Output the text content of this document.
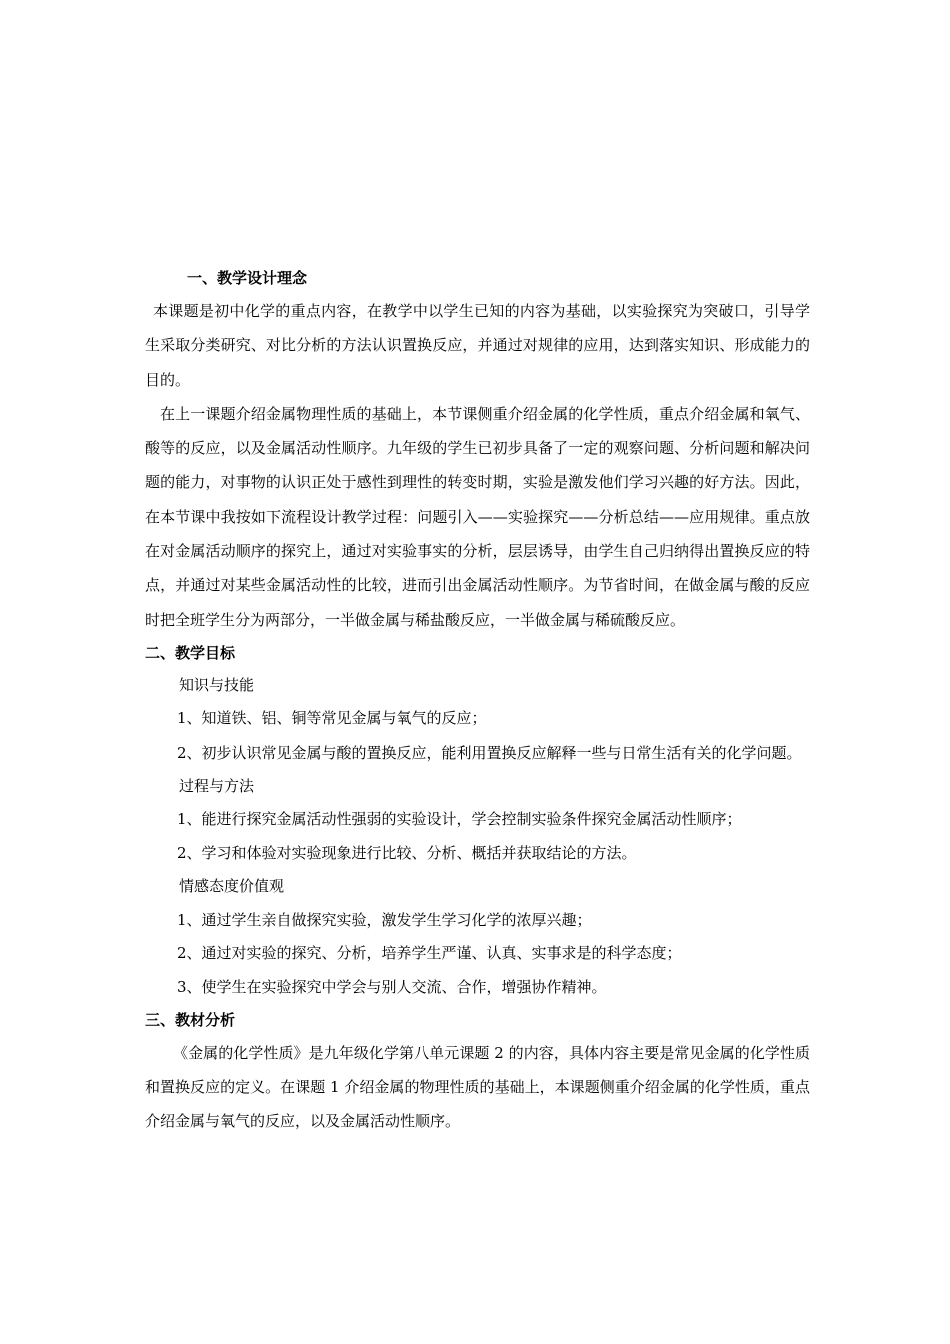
一、教学设计理念

本课题是初中化学的重点内容，在教学中以学生已知的内容为基础，以实验探究为突破口，引导学生采取分类研究、对比分析的方法认识置换反应，并通过对规律的应用，达到落实知识、形成能力的目的。

在上一课题介绍金属物理性质的基础上，本节课侧重介绍金属的化学性质，重点介绍金属和氧气、酸等的反应，以及金属活动性顺序。九年级的学生已初步具备了一定的观察问题、分析问题和解决问题的能力，对事物的认识正处于感性到理性的转变时期，实验是激发他们学习兴趣的好方法。因此，在本节课中我按如下流程设计教学过程：问题引入——实验探究——分析总结——应用规律。重点放在对金属活动顺序的探究上，通过对实验事实的分析，层层诱导，由学生自己归纳得出置换反应的特点，并通过对某些金属活动性的比较，进而引出金属活动性顺序。为节省时间，在做金属与酸的反应时把全班学生分为两部分，一半做金属与稀盐酸反应，一半做金属与稀硫酸反应。

二、教学目标
知识与技能
1、知道铁、铝、铜等常见金属与氧气的反应；

2、初步认识常见金属与酸的置换反应，能利用置换反应解释一些与日常生活有关的化学问题。

过程与方法
1、能进行探究金属活动性强弱的实验设计，学会控制实验条件探究金属活动性顺序；
2、学习和体验对实验现象进行比较、分析、概括并获取结论的方法。
情感态度价值观
1、通过学生亲自做探究实验，激发学生学习化学的浓厚兴趣；
2、通过对实验的探究、分析，培养学生严谨、认真、实事求是的科学态度；
3、使学生在实验探究中学会与别人交流、合作，增强协作精神。
三、教材分析

《金属的化学性质》是九年级化学第八单元课题 2 的内容，具体内容主要是常见金属的化学性质和置换反应的定义。在课题 1 介绍金属的物理性质的基础上，本课题侧重介绍金属的化学性质，重点介绍金属与氧气的反应，以及金属活动性顺序。
